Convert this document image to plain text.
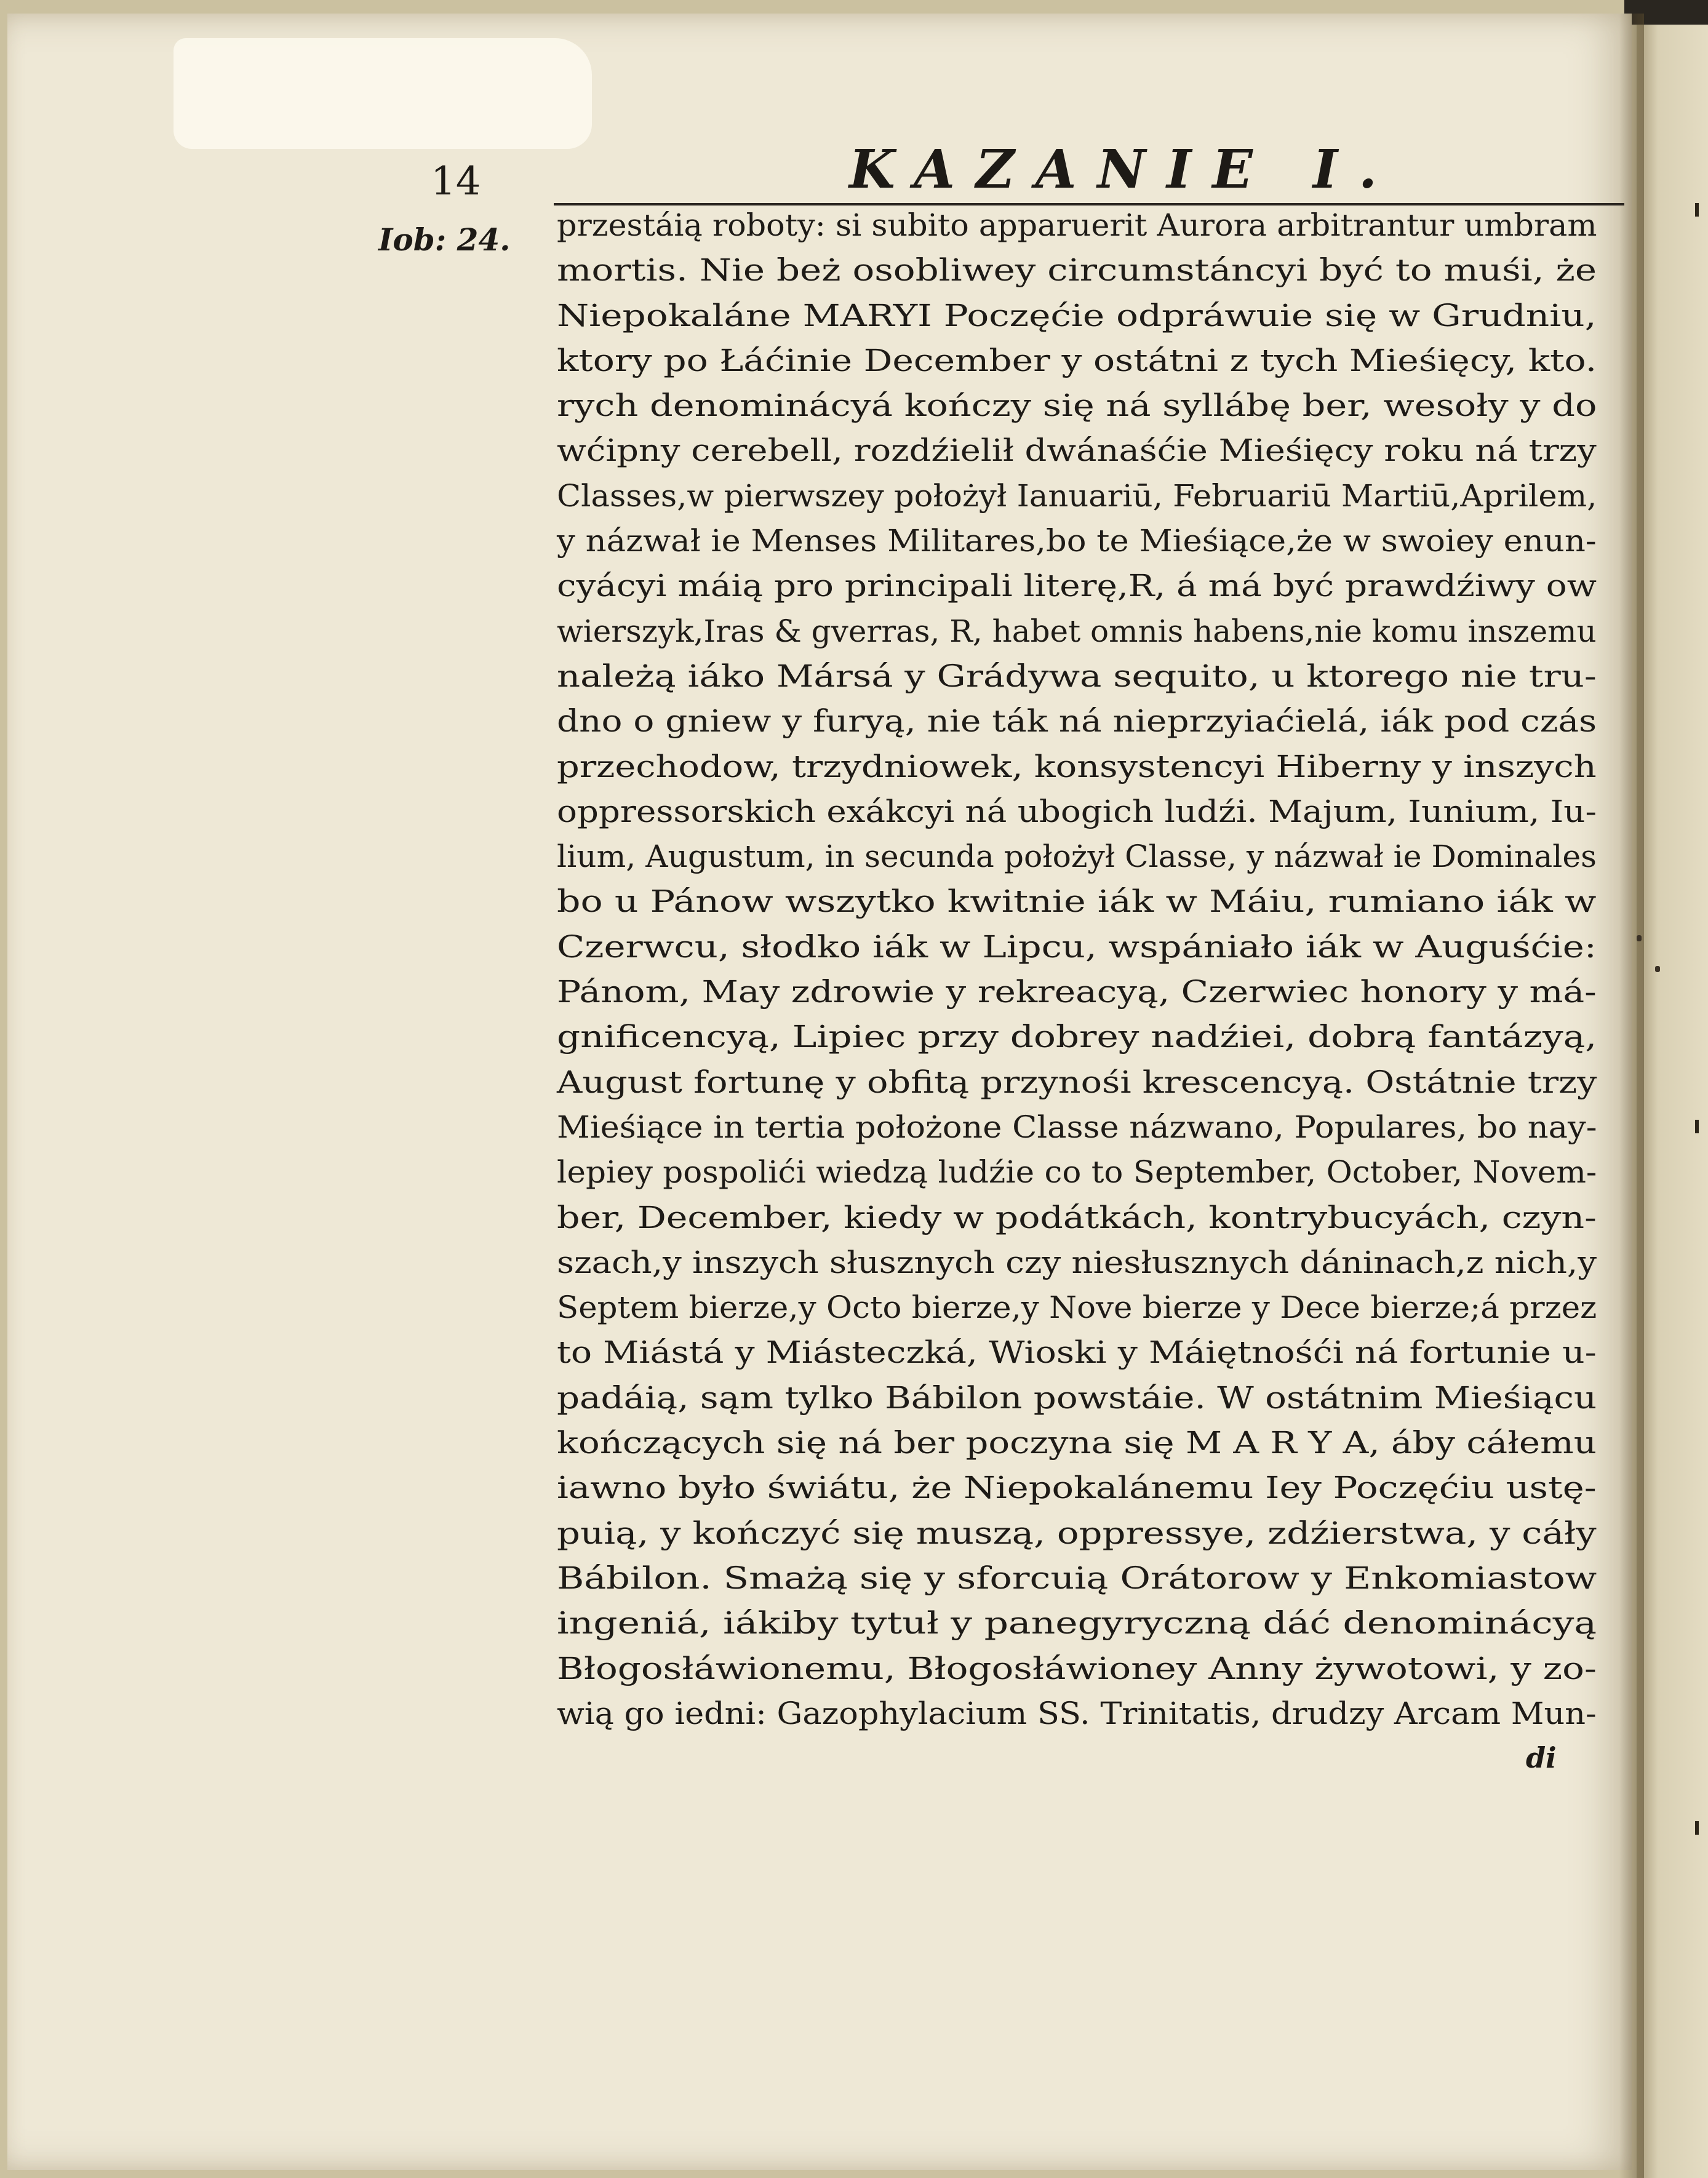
14	KAZANIE I.
Iob: 24. przestáią roboty: si subito apparuerit Aurora arbitrantur umbram
mortis. Nie beż osobliwey circumstáncyi być to muśi, że
Niepokaláne MARYI Poczęćie odpráwuie się w Grudniu,
ktory po Łáćinie December y ostátni z tych Mieśięcy, kto.
rych denominácyá kończy się ná syllábę ber, wesoły y do
wćipny cerebell, rozdźielił dwánaśćie Mieśięcy roku ná trzy
Classes,w pierwszey położył Ianuariū, Februariū Martiū,Aprilem,
y názwał ie Menses Militares,bo te Mieśiące,że w swoiey enun-
cyácyi máią pro principali literę,R, á má być prawdźiwy ow
wierszyk,Iras & gverras, R, habet omnis habens,nie komu inszemu
należą iáko Mársá y Grádywa sequito, u ktorego nie tru-
dno o gniew y furyą, nie ták ná nieprzyiaćielá, iák pod czás
przechodow, trzydniowek, konsystencyi Hiberny y inszych
oppressorskich exákcyi ná ubogich ludźi. Majum, Iunium, Iu-
lium, Augustum, in secunda położył Classe, y názwał ie Dominales
bo u Pánow wszytko kwitnie iák w Máiu, rumiano iák w
Czerwcu, słodko iák w Lipcu, wspániało iák w Auguśćie:
Pánom, May zdrowie y rekreacyą, Czerwiec honory y má-
gnificencyą, Lipiec przy dobrey nadźiei, dobrą fantázyą,
August fortunę y obfitą przynośi krescencyą. Ostátnie trzy
Mieśiące in tertia położone Classe názwano, Populares, bo nay-
lepiey pospolići wiedzą ludźie co to September, October, Novem-
ber, December, kiedy w podátkách, kontrybucyách, czyn-
szach,y inszych słusznych czy niesłusznych dáninach,z nich,y
Septem bierze,y Octo bierze,y Nove bierze y Dece bierze;á przez
to Miástá y Miásteczká, Wioski y Máiętnośći ná fortunie u-
padáią, sąm tylko Bábilon powstáie. W ostátnim Mieśiącu
kończących się ná ber poczyna się M A R Y A, áby cáłemu
iawno było świátu, że Niepokalánemu Iey Poczęćiu ustę-
puią, y kończyć się muszą, oppressye, zdźierstwa, y cáły
Bábilon. Smażą się y sforcuią Orátorow y Enkomiastow
ingeniá, iákiby tytuł y panegyryczną dáć denominácyą
Błogosłáwionemu, Błogosłáwioney Anny żywotowi, y zo-
wią go iedni: Gazophylacium SS. Trinitatis, drudzy Arcam Mun-
di
